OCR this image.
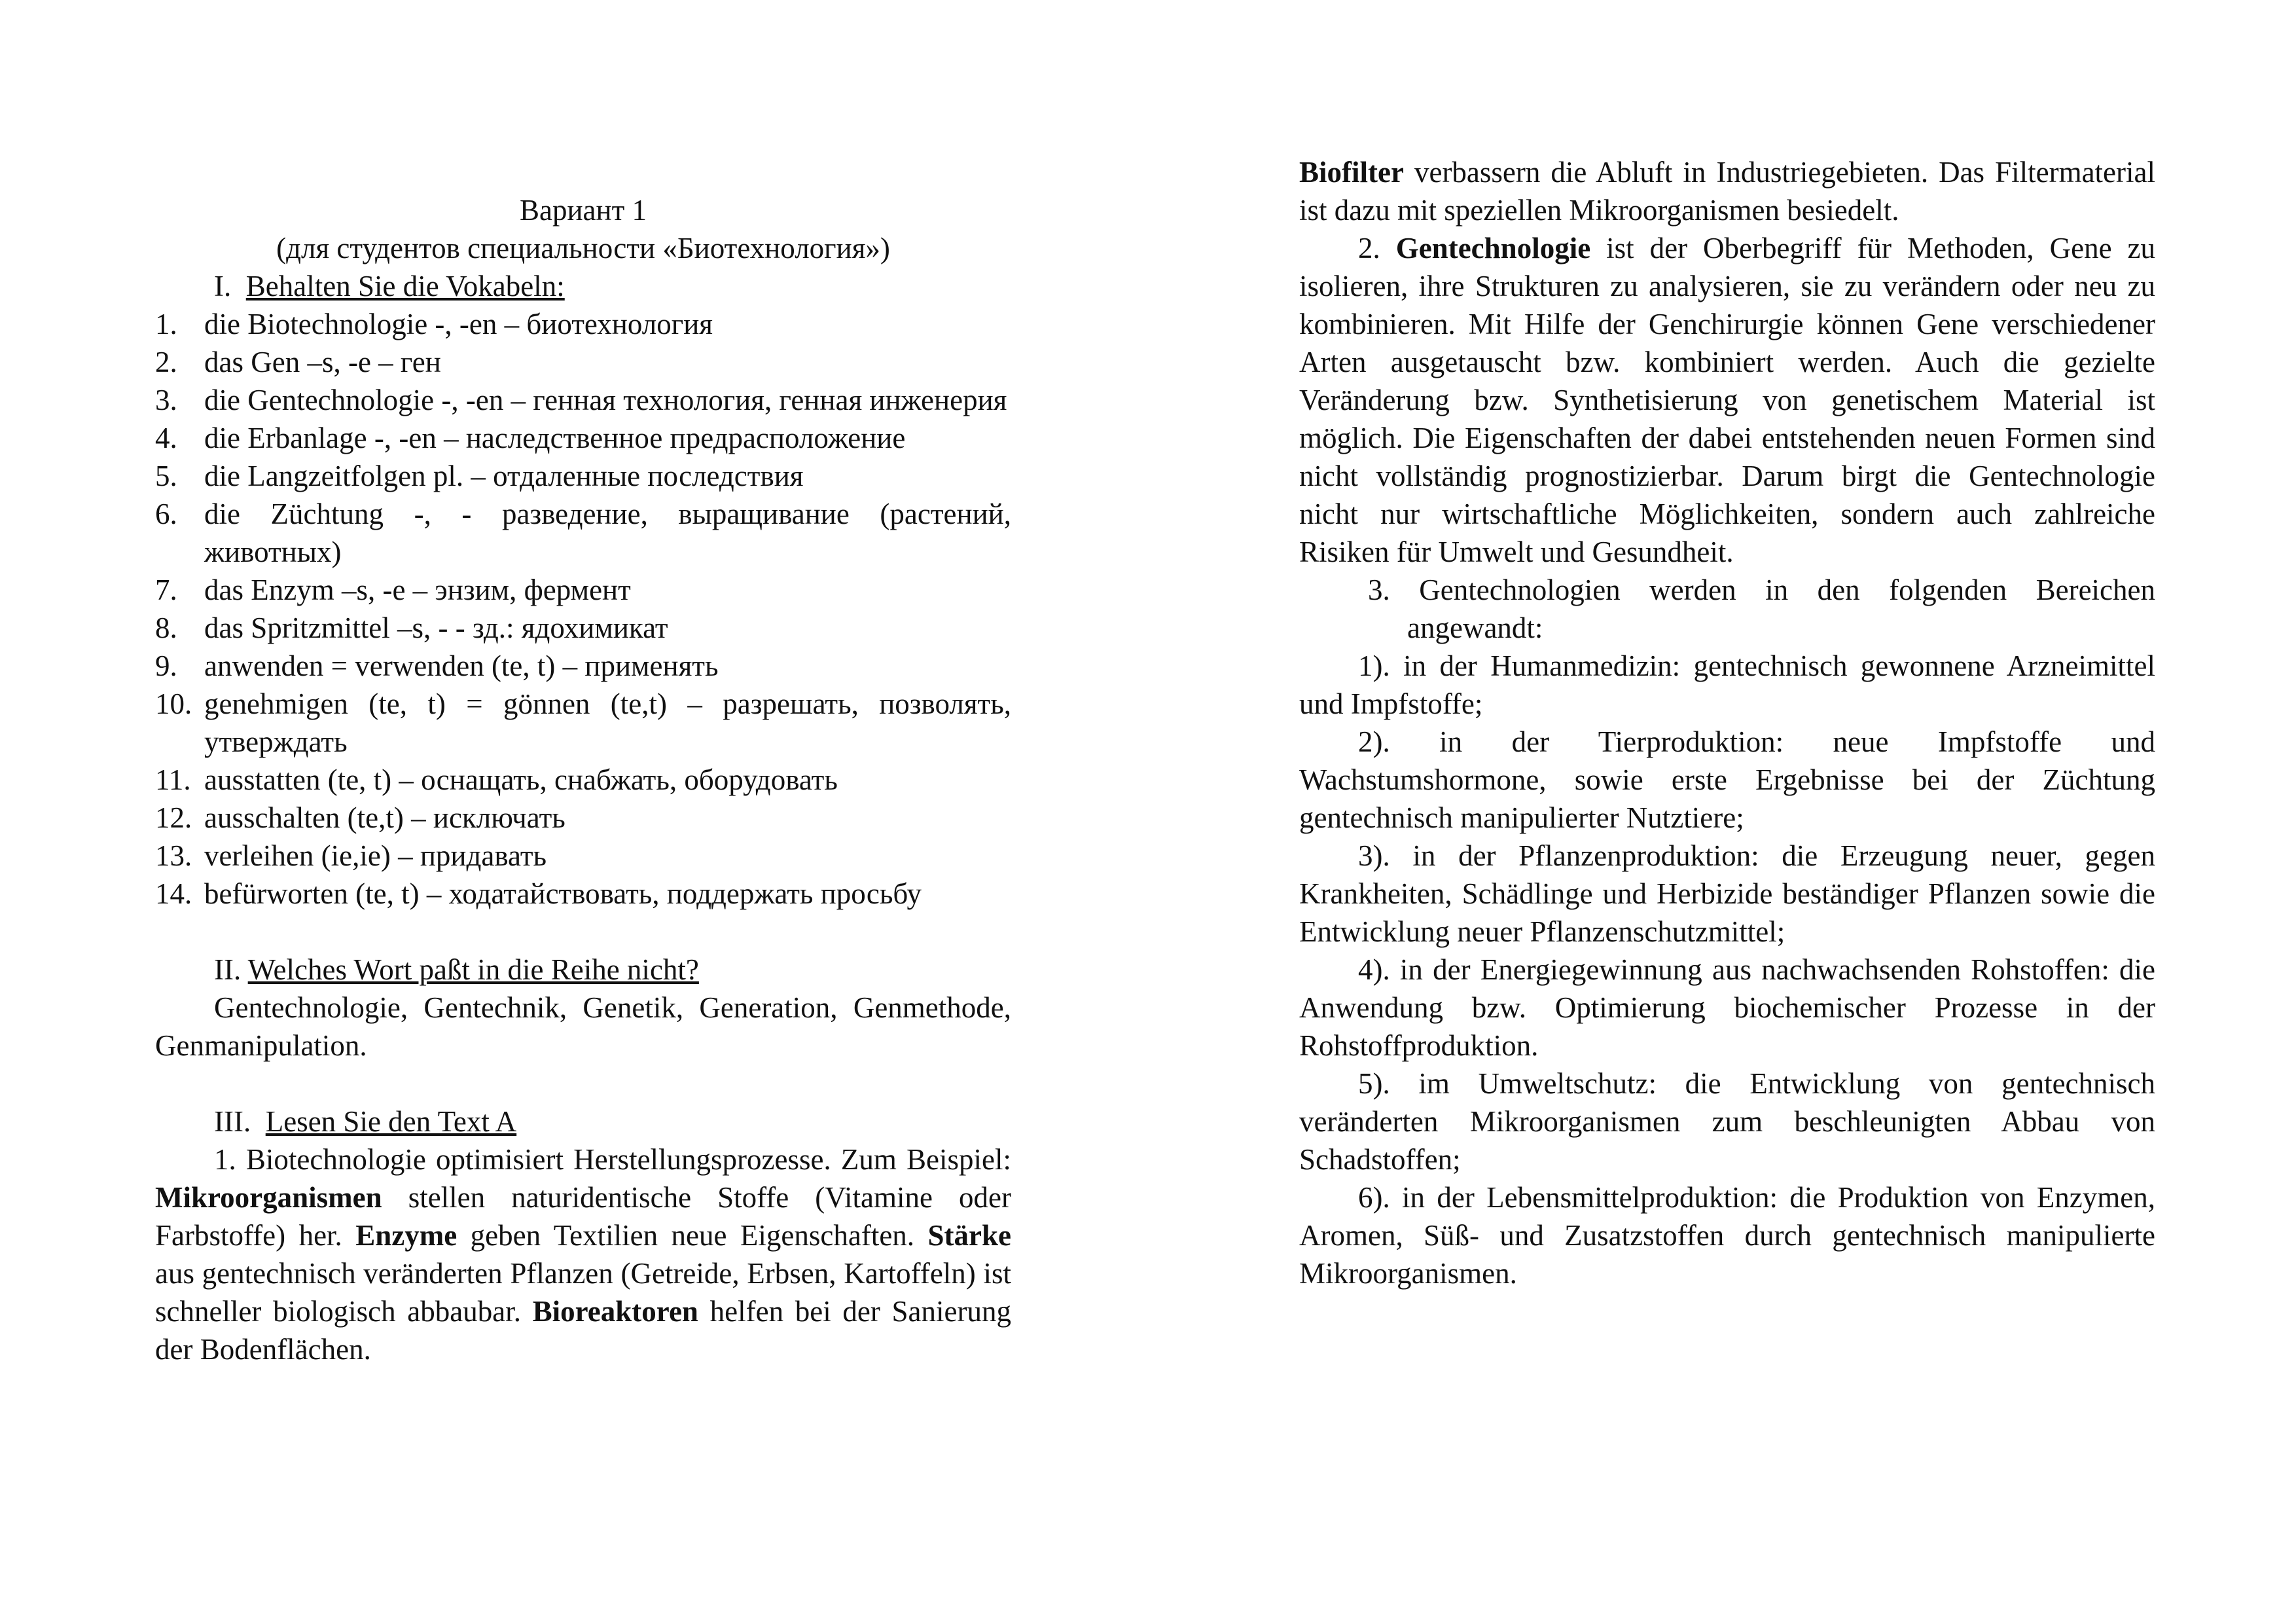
Вариант 1

(для студентов специальности «Биотехнология»)

I. Behalten Sie die Vokabeln:

1. die Biotechnologie -, -en – биотехнология
2. das Gen –s, -e – ген
3. die Gentechnologie -, -en – генная технология, генная инженерия
4. die Erbanlage -, -en – наследственное предрасположение
5. die Langzeitfolgen pl. – отдаленные последствия
6. die Züchtung -, - разведение, выращивание (растений, животных)
7. das Enzym –s, -e – энзим, фермент
8. das Spritzmittel –s, - - зд.: ядохимикат
9. anwenden = verwenden (te, t) – применять
10. genehmigen (te, t) = gönnen (te,t) – разрешать, позволять, утверждать
11. ausstatten (te, t) – оснащать, снабжать, оборудовать
12. ausschalten (te,t) – исключать
13. verleihen (ie,ie) – придавать
14. befürworten (te, t) – ходатайствовать, поддержать просьбу

II. Welches Wort paßt in die Reihe nicht?

Gentechnologie, Gentechnik, Genetik, Generation, Genmethode, Genmanipulation.

III. Lesen Sie den Text A

1. Biotechnologie optimisiert Herstellungsprozesse. Zum Beispiel: Mikroorganismen stellen naturidentische Stoffe (Vitamine oder Farbstoffe) her. Enzyme geben Textilien neue Eigenschaften. Stärke aus gentechnisch veränderten Pflanzen (Getreide, Erbsen, Kartoffeln) ist schneller biologisch abbaubar. Bioreaktoren helfen bei der Sanierung der Bodenflächen.

Biofilter verbassern die Abluft in Industriegebieten. Das Filtermaterial ist dazu mit speziellen Mikroorganismen besiedelt.

2. Gentechnologie ist der Oberbegriff für Methoden, Gene zu isolieren, ihre Strukturen zu analysieren, sie zu verändern oder neu zu kombinieren. Mit Hilfe der Genchirurgie können Gene verschiedener Arten ausgetauscht bzw. kombiniert werden. Auch die gezielte Veränderung bzw. Synthetisierung von genetischem Material ist möglich. Die Eigenschaften der dabei entstehenden neuen Formen sind nicht vollständig prognostizierbar. Darum birgt die Gentechnologie nicht nur wirtschaftliche Möglichkeiten, sondern auch zahlreiche Risiken für Umwelt und Gesundheit.

3. Gentechnologien werden in den folgenden Bereichen angewandt:

1). in der Humanmedizin: gentechnisch gewonnene Arzneimittel und Impfstoffe;

2). in der Tierproduktion: neue Impfstoffe und Wachstumshormone, sowie erste Ergebnisse bei der Züchtung gentechnisch manipulierter Nutztiere;

3). in der Pflanzenproduktion: die Erzeugung neuer, gegen Krankheiten, Schädlinge und Herbizide beständiger Pflanzen sowie die Entwicklung neuer Pflanzenschutzmittel;

4). in der Energiegewinnung aus nachwachsenden Rohstoffen: die Anwendung bzw. Optimierung biochemischer Prozesse in der Rohstoffproduktion.

5). im Umweltschutz: die Entwicklung von gentechnisch veränderten Mikroorganismen zum beschleunigten Abbau von Schadstoffen;

6). in der Lebensmittelproduktion: die Produktion von Enzymen, Aromen, Süß- und Zusatzstoffen durch gentechnisch manipulierte Mikroorganismen.
